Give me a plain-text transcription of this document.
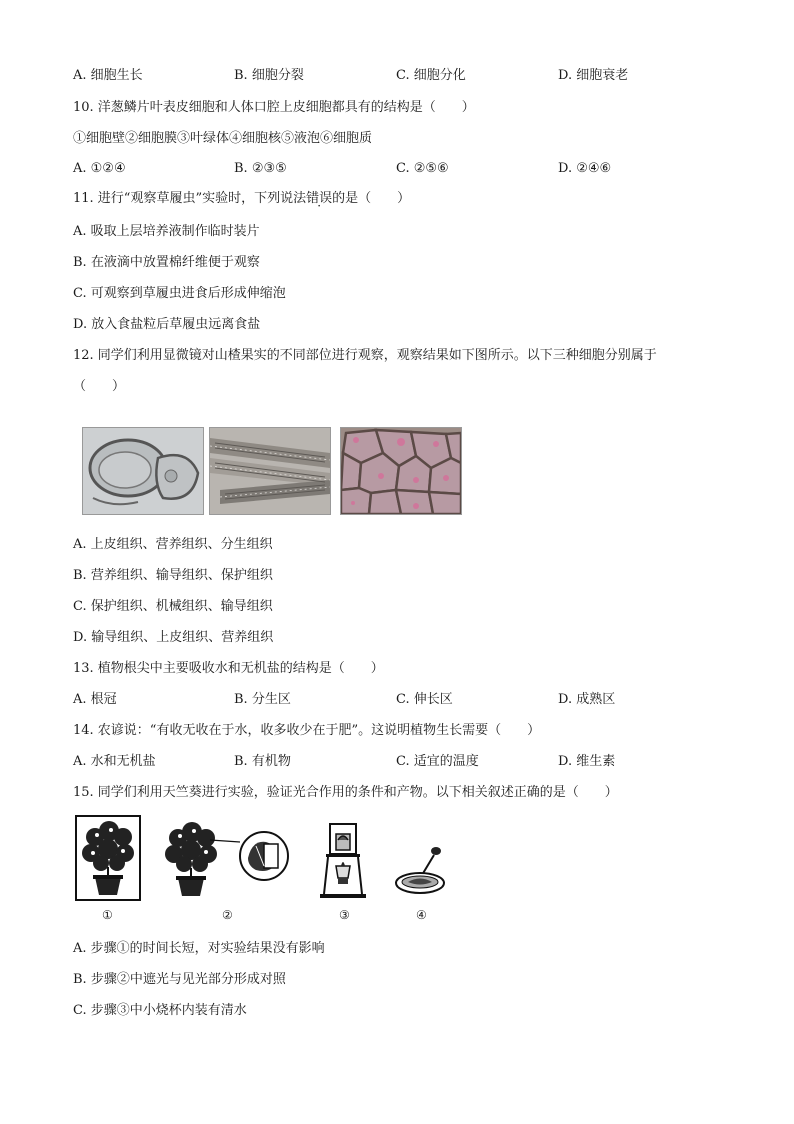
A. 细胞生长	B. 细胞分裂	C. 细胞分化	D. 细胞衰老
10. 洋葱鳞片叶表皮细胞和人体口腔上皮细胞都具有的结构是（　　）
①细胞壁②细胞膜③叶绿体④细胞核⑤液泡⑥细胞质
A. ①②④	B. ②③⑤	C. ②⑤⑥	D. ②④⑥
11. 进行“观察草履虫”实验时，下列说法错误的是（　　）
A. 吸取上层培养液制作临时装片
B. 在液滴中放置棉纤维便于观察
C. 可观察到草履虫进食后形成伸缩泡
D. 放入食盐粒后草履虫远离食盐
12. 同学们利用显微镜对山楂果实的不同部位进行观察，观察结果如下图所示。以下三种细胞分别属于
（　　）
A. 上皮组织、营养组织、分生组织
B. 营养组织、输导组织、保护组织
C. 保护组织、机械组织、输导组织
D. 输导组织、上皮组织、营养组织
13. 植物根尖中主要吸收水和无机盐的结构是（　　）
A. 根冠	B. 分生区	C. 伸长区	D. 成熟区
14. 农谚说：“有收无收在于水，收多收少在于肥”。这说明植物生长需要（　　）
A. 水和无机盐	B. 有机物	C. 适宜的温度	D. 维生素
15. 同学们利用天竺葵进行实验，验证光合作用的条件和产物。以下相关叙述正确的是（　　）
①	②	③	④
A. 步骤①的时间长短，对实验结果没有影响
B. 步骤②中遮光与见光部分形成对照
C. 步骤③中小烧杯内装有清水
